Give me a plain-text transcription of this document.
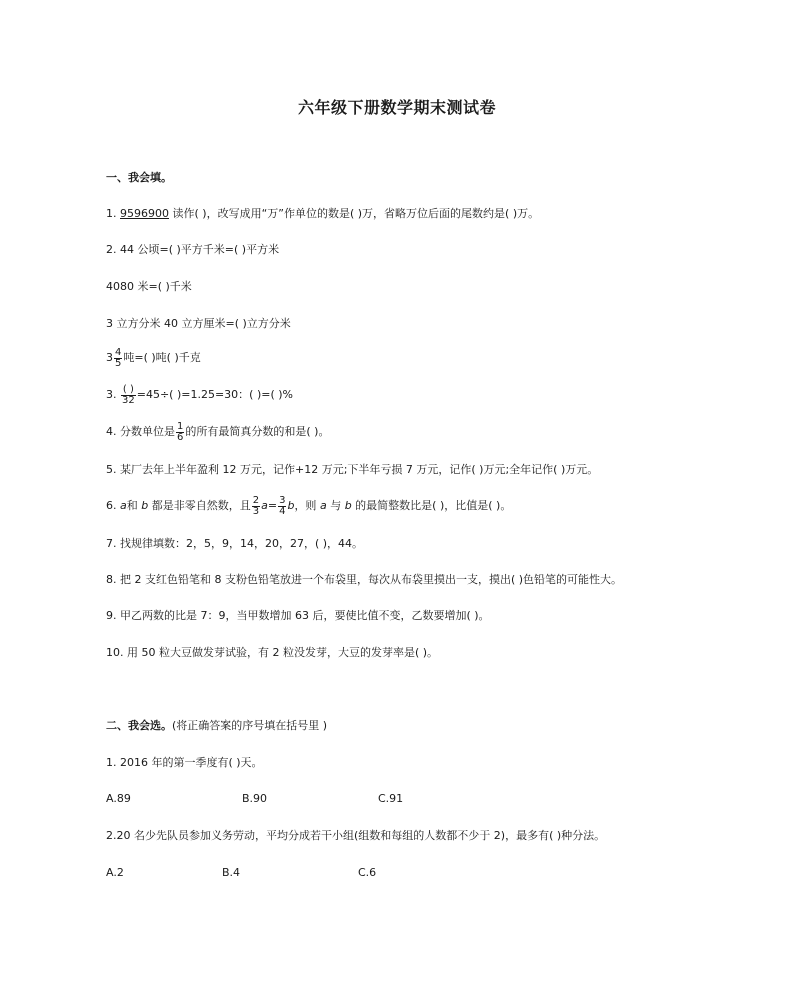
六年级下册数学期末测试卷
一、我会填。
1. 9596900 读作( )，改写成用“万”作单位的数是( )万，省略万位后面的尾数约是( )万。
2. 44 公顷=( )平方千米=( )平方米
4080 米=( )千米
3 立方分米 40 立方厘米=( )立方分米
$3 \frac{4}{5}$ 吨=( )吨( )千克
3. $\frac{( )}{32} =45\div$( )=1.25=30：( )=( )%
4. 分数单位是 $\frac{1}{6}$ 的所有最简真分数的和是( )。
5. 某厂去年上半年盈利 12 万元，记作+12 万元;下半年亏损 7 万元，记作( )万元;全年记作( )万元。
6. a和 b 都是非零自然数，且 $\frac{2}{3} a= \frac{3}{4}$ b，则 a 与 b 的最简整数比是( )，比值是( )。
7. 找规律填数：2，5，9，14，20，27，( )，44。
8. 把 2 支红色铅笔和 8 支粉色铅笔放进一个布袋里，每次从布袋里摸出一支，摸出( )色铅笔的可能性大。
9. 甲乙两数的比是 7：9，当甲数增加 63 后，要使比值不变，乙数要增加( )。
10. 用 50 粒大豆做发芽试验，有 2 粒没发芽，大豆的发芽率是( )。
二、我会选。(将正确答案的序号填在括号里 )
1. 2016 年的第一季度有( )天。
A.89	B.90	C.91
2.20 名少先队员参加义务劳动，平均分成若干小组(组数和每组的人数都不少于 2)，最多有( )种分法。
A.2	B.4	C.6
